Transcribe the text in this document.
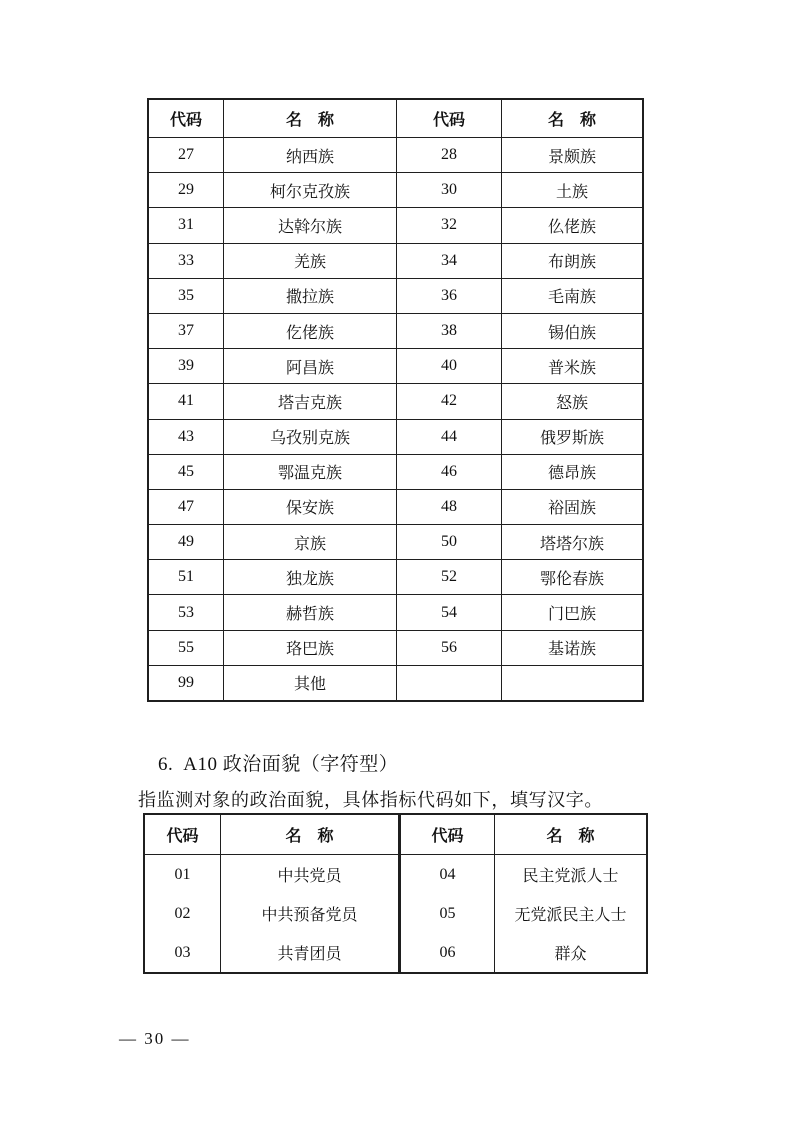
代码	名　称	代码	名　称
27	纳西族	28	景颇族
29	柯尔克孜族	30	土族
31	达斡尔族	32	仫佬族
33	羌族	34	布朗族
35	撒拉族	36	毛南族
37	仡佬族	38	锡伯族
39	阿昌族	40	普米族
41	塔吉克族	42	怒族
43	乌孜别克族	44	俄罗斯族
45	鄂温克族	46	德昂族
47	保安族	48	裕固族
49	京族	50	塔塔尔族
51	独龙族	52	鄂伦春族
53	赫哲族	54	门巴族
55	珞巴族	56	基诺族
99	其他		
6. A10 政治面貌（字符型）
指监测对象的政治面貌，具体指标代码如下，填写汉字。
代码	名　称	代码	名　称
01	中共党员	04	民主党派人士
02	中共预备党员	05	无党派民主人士
03	共青团员	06	群众
— 30 —
